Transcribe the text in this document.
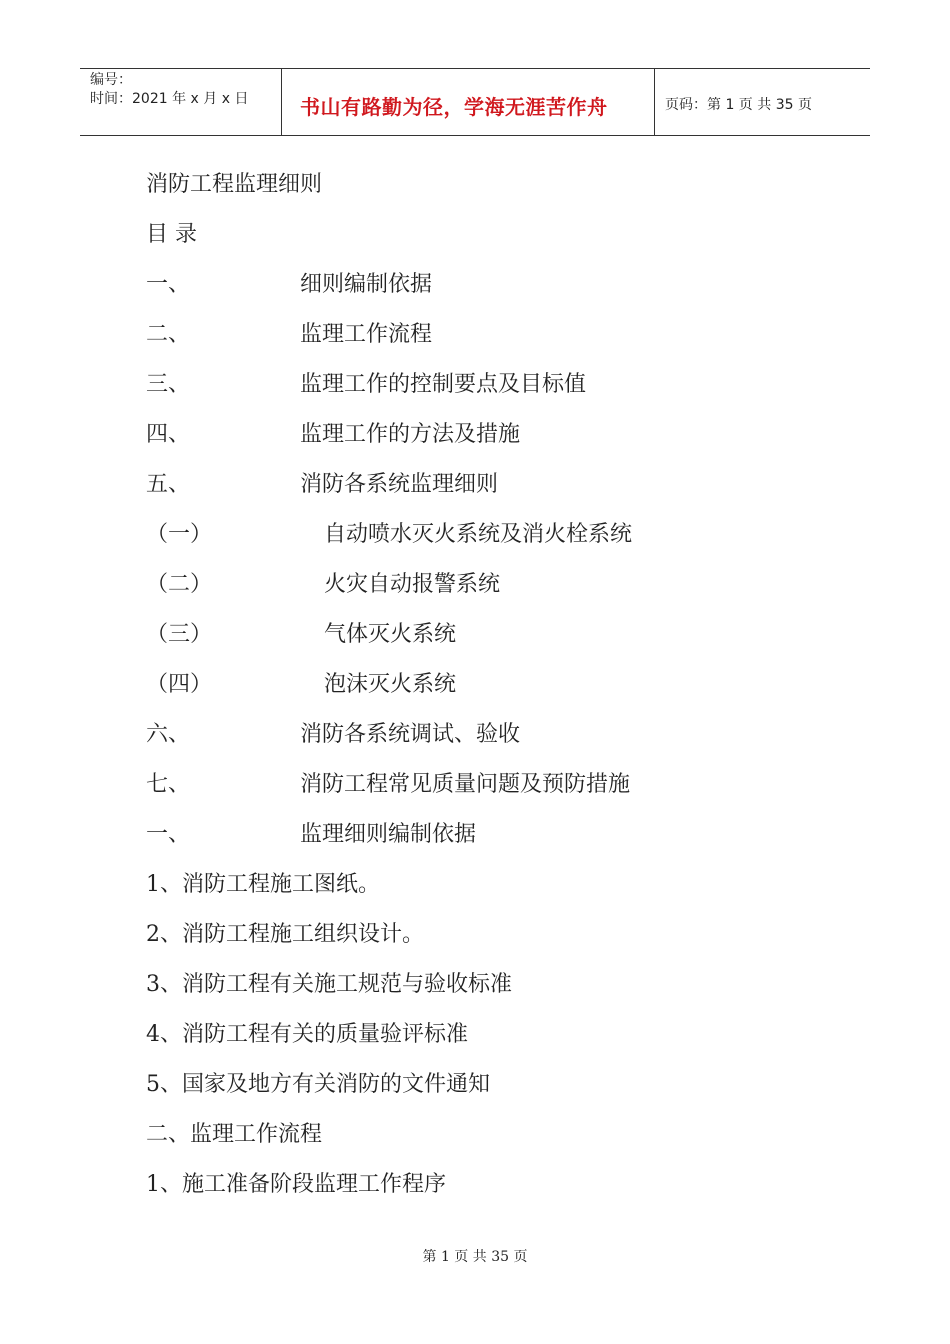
编号：
时间：2021 年 x 月 x 日	书山有路勤为径，学海无涯苦作舟	页码：第 1 页 共 35 页
消防工程监理细则
目 录
一、	细则编制依据
二、	监理工作流程
三、	监理工作的控制要点及目标值
四、	监理工作的方法及措施
五、	消防各系统监理细则
（一）	自动喷水灭火系统及消火栓系统
（二）	火灾自动报警系统
（三）	气体灭火系统
（四）	泡沫灭火系统
六、	消防各系统调试、验收
七、	消防工程常见质量问题及预防措施
一、	监理细则编制依据
1、消防工程施工图纸。
2、消防工程施工组织设计。
3、消防工程有关施工规范与验收标准
4、消防工程有关的质量验评标准
5、国家及地方有关消防的文件通知
二、监理工作流程
1、施工准备阶段监理工作程序
第 1 页 共 35 页
